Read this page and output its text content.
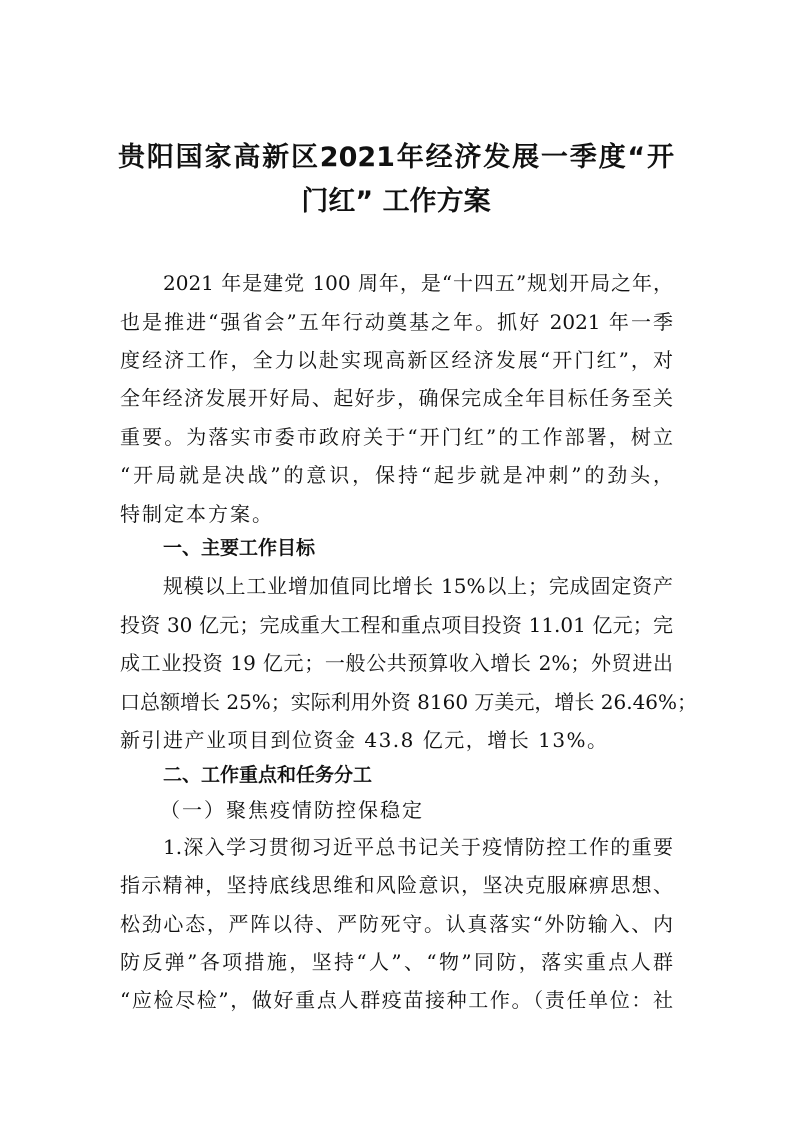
贵阳国家高新区2021年经济发展一季度“开
门红” 工作方案
2021 年是建党 100 周年，是“十四五”规划开局之年，
也是推进“强省会”五年行动奠基之年。抓好 2021 年一季
度经济工作，全力以赴实现高新区经济发展“开门红”，对
全年经济发展开好局、起好步，确保完成全年目标任务至关
重要。为落实市委市政府关于“开门红”的工作部署，树立
“开局就是决战”的意识，保持“起步就是冲刺”的劲头，
特制定本方案。
一、主要工作目标
规模以上工业增加值同比增长 15%以上；完成固定资产
投资 30 亿元；完成重大工程和重点项目投资 11.01 亿元；完
成工业投资 19 亿元；一般公共预算收入增长 2%；外贸进出
口总额增长 25%；实际利用外资 8160 万美元，增长 26.46%；
新引进产业项目到位资金 43.8 亿元，增长 13%。
二、工作重点和任务分工
（一）聚焦疫情防控保稳定
1.深入学习贯彻习近平总书记关于疫情防控工作的重要
指示精神，坚持底线思维和风险意识，坚决克服麻痹思想、
松劲心态，严阵以待、严防死守。认真落实“外防输入、内
防反弹”各项措施，坚持“人”、“物”同防，落实重点人群
“应检尽检”，做好重点人群疫苗接种工作。（责任单位：社
